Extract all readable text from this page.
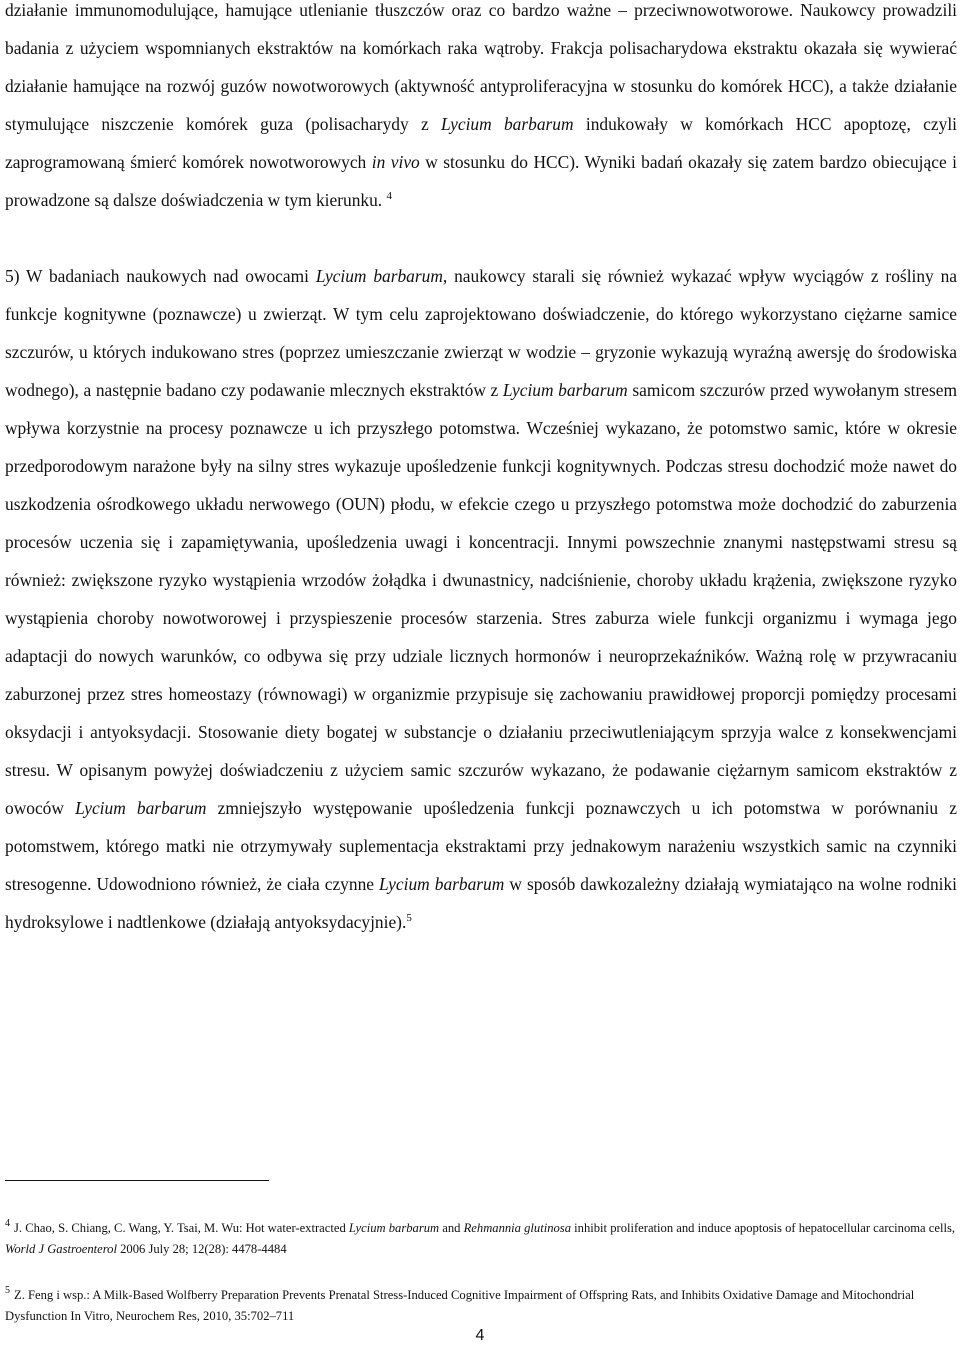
działanie immunomodulujące, hamujące utlenianie tłuszczów oraz co bardzo ważne – przeciwnowotworowe. Naukowcy prowadzili badania z użyciem wspomnianych ekstraktów na komórkach raka wątroby. Frakcja polisacharydowa ekstraktu okazała się wywierać działanie hamujące na rozwój guzów nowotworowych (aktywność antyproliferacyjna w stosunku do komórek HCC), a także działanie stymulujące niszczenie komórek guza (polisacharydy z Lycium barbarum indukowały w komórkach HCC apoptozę, czyli zaprogramowaną śmierć komórek nowotworowych in vivo w stosunku do HCC). Wyniki badań okazały się zatem bardzo obiecujące i prowadzone są dalsze doświadczenia w tym kierunku. $^4$

5) W badaniach naukowych nad owocami Lycium barbarum, naukowcy starali się również wykazać wpływ wyciągów z rośliny na funkcje kognitywne (poznawcze) u zwierząt. W tym celu zaprojektowano doświadczenie, do którego wykorzystano ciężarne samice szczurów, u których indukowano stres (poprzez umieszczanie zwierząt w wodzie – gryzonie wykazują wyraźną awersję do środowiska wodnego), a następnie badano czy podawanie mlecznych ekstraktów z Lycium barbarum samicom szczurów przed wywołanym stresem wpływa korzystnie na procesy poznawcze u ich przyszłego potomstwa. Wcześniej wykazano, że potomstwo samic, które w okresie przedporodowym narażone były na silny stres wykazuje upośledzenie funkcji kognitywnych. Podczas stresu dochodzić może nawet do uszkodzenia ośrodkowego układu nerwowego (OUN) płodu, w efekcie czego u przyszłego potomstwa może dochodzić do zaburzenia procesów uczenia się i zapamiętywania, upośledzenia uwagi i koncentracji. Innymi powszechnie znanymi następstwami stresu są również: zwiększone ryzyko wystąpienia wrzodów żołądka i dwunastnicy, nadciśnienie, choroby układu krążenia, zwiększone ryzyko wystąpienia choroby nowotworowej i przyspieszenie procesów starzenia. Stres zaburza wiele funkcji organizmu i wymaga jego adaptacji do nowych warunków, co odbywa się przy udziale licznych hormonów i neuroprzekaźników. Ważną rolę w przywracaniu zaburzonej przez stres homeostazy (równowagi) w organizmie przypisuje się zachowaniu prawidłowej proporcji pomiędzy procesami oksydacji i antyoksydacji. Stosowanie diety bogatej w substancje o działaniu przeciwutleniającym sprzyja walce z konsekwencjami stresu. W opisanym powyżej doświadczeniu z użyciem samic szczurów wykazano, że podawanie ciężarnym samicom ekstraktów z owoców Lycium barbarum zmniejszyło występowanie upośledzenia funkcji poznawczych u ich potomstwa w porównaniu z potomstwem, którego matki nie otrzymywały suplementacja ekstraktami przy jednakowym narażeniu wszystkich samic na czynniki stresogenne. Udowodniono również, że ciała czynne Lycium barbarum w sposób dawkozależny działają wymiatająco na wolne rodniki hydroksylowe i nadtlenkowe (działają antyoksydacyjnie).$^5$

$^4$ J. Chao, S. Chiang, C. Wang, Y. Tsai, M. Wu: Hot water-extracted Lycium barbarum and Rehmannia glutinosa inhibit proliferation and induce apoptosis of hepatocellular carcinoma cells, World J Gastroenterol 2006 July 28; 12(28): 4478-4484
$^5$ Z. Feng i wsp.: A Milk-Based Wolfberry Preparation Prevents Prenatal Stress-Induced Cognitive Impairment of Offspring Rats, and Inhibits Oxidative Damage and Mitochondrial Dysfunction In Vitro, Neurochem Res, 2010, 35:702–711
4
